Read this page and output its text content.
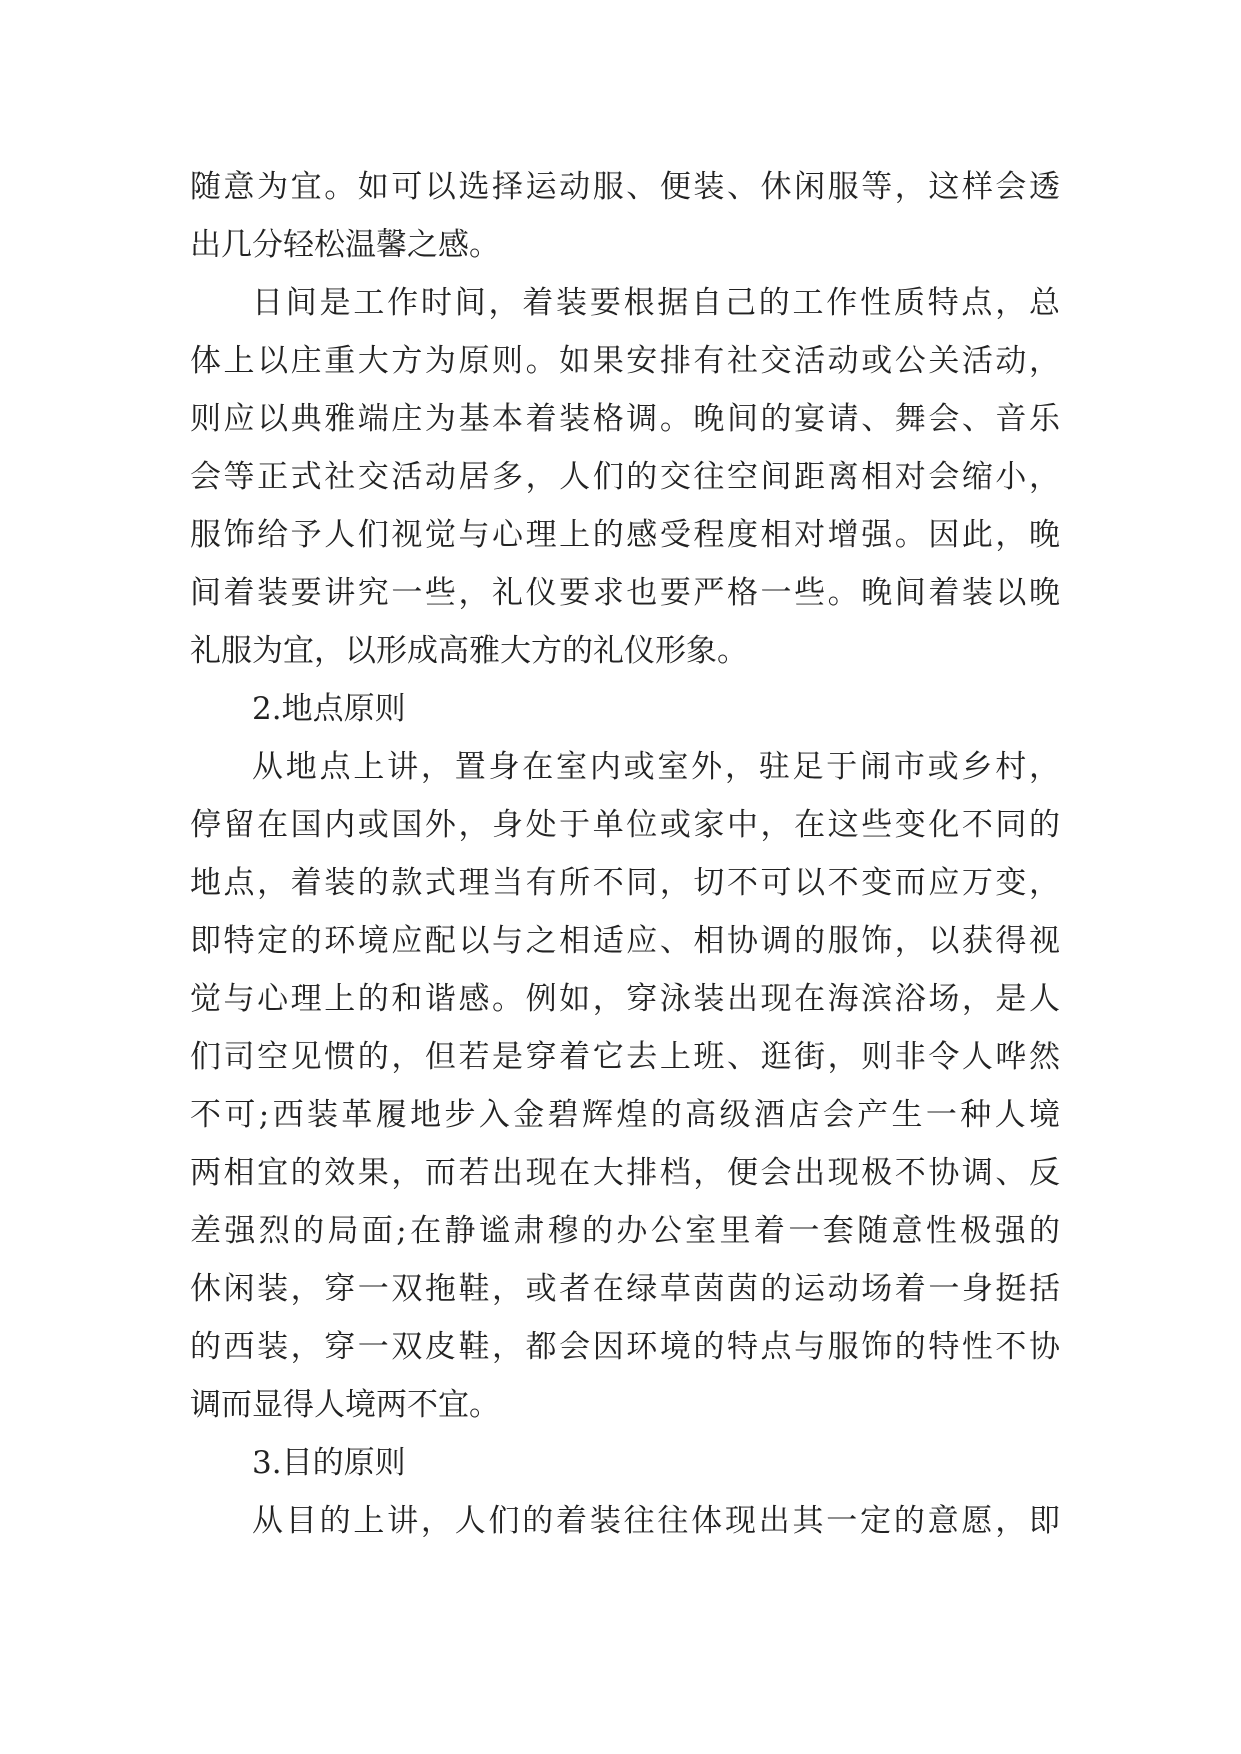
随意为宜。如可以选择运动服、便装、休闲服等，这样会透
出几分轻松温馨之感。
日间是工作时间，着装要根据自己的工作性质特点，总
体上以庄重大方为原则。如果安排有社交活动或公关活动，
则应以典雅端庄为基本着装格调。晚间的宴请、舞会、音乐
会等正式社交活动居多，人们的交往空间距离相对会缩小，
服饰给予人们视觉与心理上的感受程度相对增强。因此，晚
间着装要讲究一些，礼仪要求也要严格一些。晚间着装以晚
礼服为宜，以形成高雅大方的礼仪形象。
2.地点原则
从地点上讲，置身在室内或室外，驻足于闹市或乡村，
停留在国内或国外，身处于单位或家中，在这些变化不同的
地点，着装的款式理当有所不同，切不可以不变而应万变，
即特定的环境应配以与之相适应、相协调的服饰，以获得视
觉与心理上的和谐感。例如，穿泳装出现在海滨浴场，是人
们司空见惯的，但若是穿着它去上班、逛街，则非令人哗然
不可;西装革履地步入金碧辉煌的高级酒店会产生一种人境
两相宜的效果，而若出现在大排档，便会出现极不协调、反
差强烈的局面;在静谧肃穆的办公室里着一套随意性极强的
休闲装，穿一双拖鞋，或者在绿草茵茵的运动场着一身挺括
的西装，穿一双皮鞋，都会因环境的特点与服饰的特性不协
调而显得人境两不宜。
3.目的原则
从目的上讲，人们的着装往往体现出其一定的意愿，即
